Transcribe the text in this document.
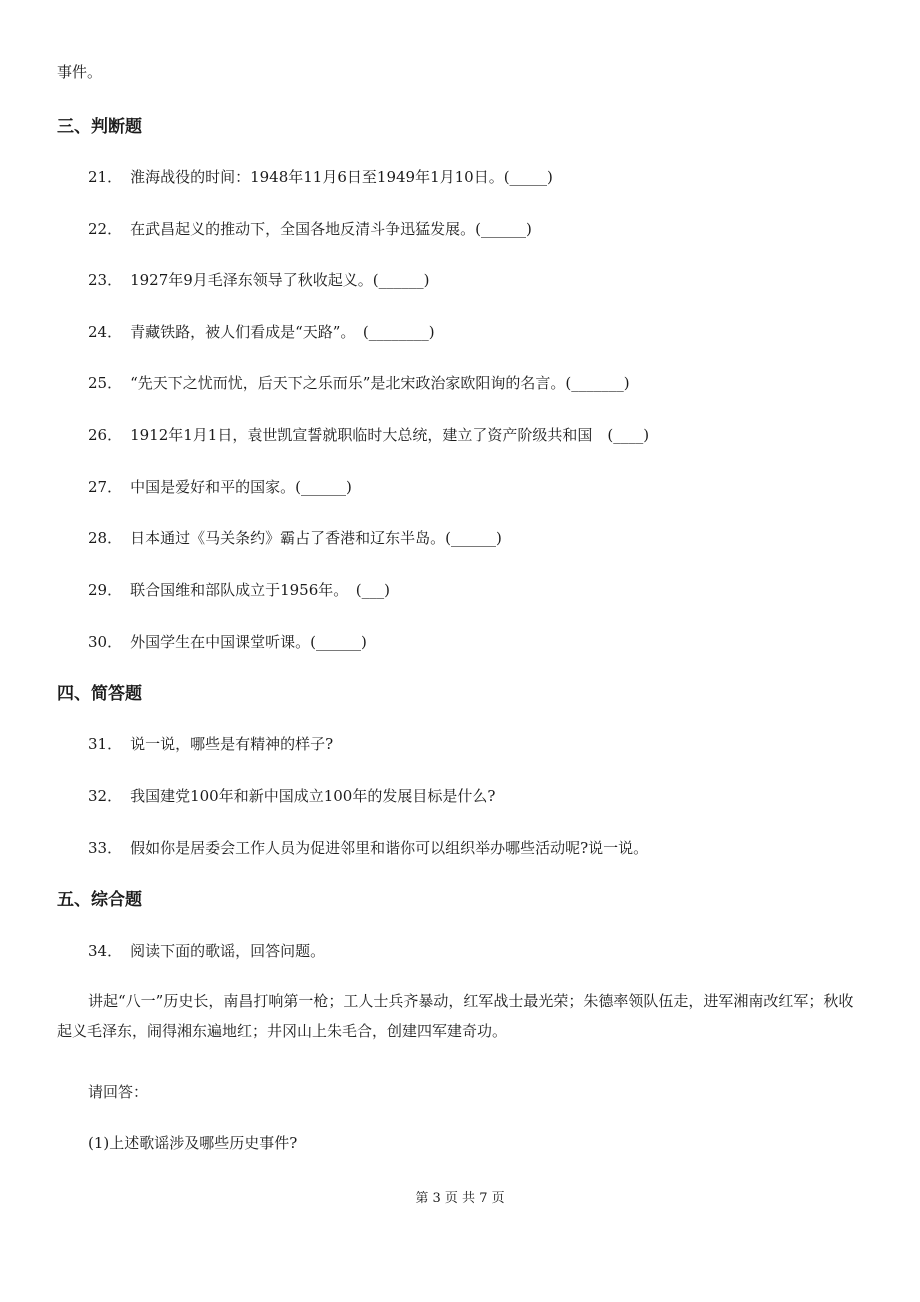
事件。
三、判断题
21． 淮海战役的时间：1948年11月6日至1949年1月10日。(_____)
22． 在武昌起义的推动下，全国各地反清斗争迅猛发展。(______)
23． 1927年9月毛泽东领导了秋收起义。(______)
24． 青藏铁路，被人们看成是“天路”。　(________)
25． “先天下之忧而忧，后天下之乐而乐”是北宋政治家欧阳询的名言。(_______)
26． 1912年1月1日，袁世凯宣誓就职临时大总统，建立了资产阶级共和国　(____)
27． 中国是爱好和平的国家。(______)
28． 日本通过《马关条约》霸占了香港和辽东半岛。(______)
29． 联合国维和部队成立于1956年。　(___)
30． 外国学生在中国课堂听课。(______)
四、简答题
31． 说一说，哪些是有精神的样子?
32． 我国建党100年和新中国成立100年的发展目标是什么?
33． 假如你是居委会工作人员为促进邻里和谐你可以组织举办哪些活动呢?说一说。
五、综合题
34． 阅读下面的歌谣，回答问题。
讲起“八一”历史长，南昌打响第一枪；工人士兵齐暴动，红军战士最光荣；朱德率领队伍走，进军湘南改红军；秋收起义毛泽东，闹得湘东遍地红；井冈山上朱毛合，创建四军建奇功。
请回答：
(1)上述歌谣涉及哪些历史事件?
第 3 页 共 7 页
